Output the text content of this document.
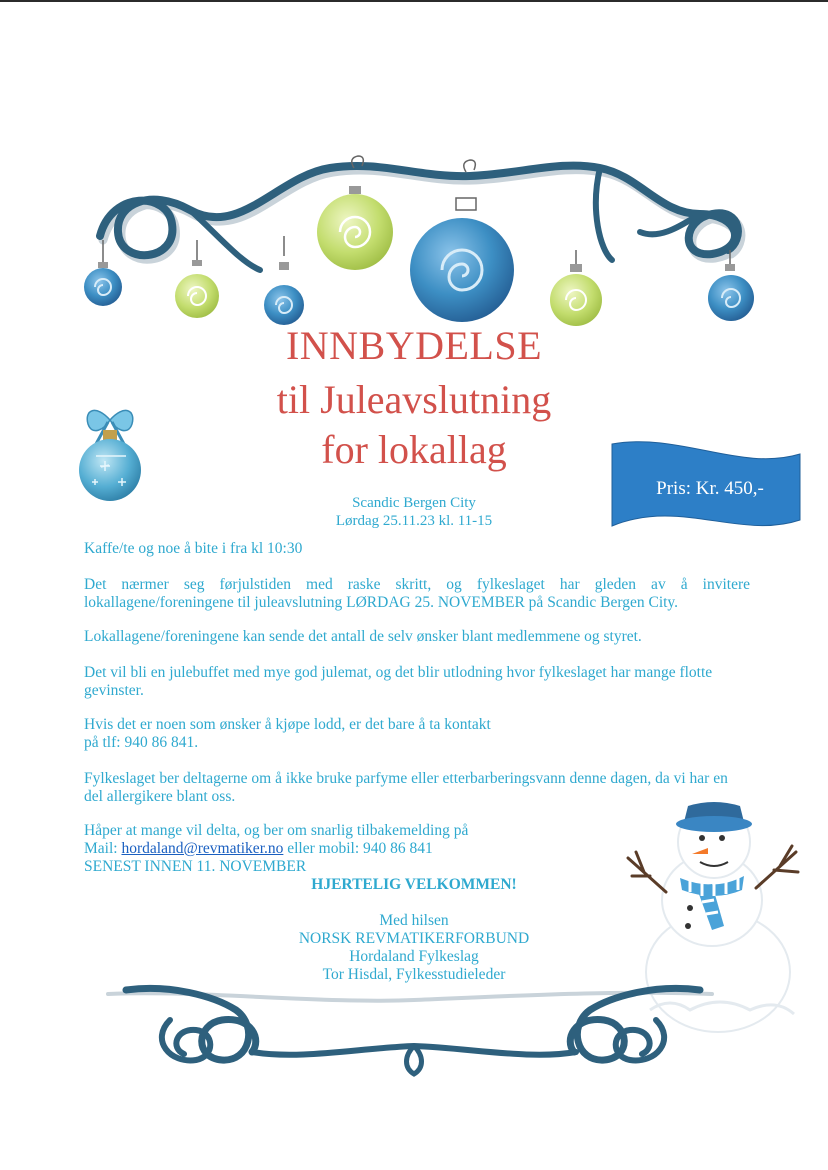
INNBYDELSE
til Juleavslutning
for lokallag
Scandic Bergen City
Lørdag 25.11.23 kl. 11-15
Pris: Kr. 450,-

Kaffe/te og noe å bite i fra kl 10:30

Det nærmer seg førjulstiden med raske skritt, og fylkeslaget har gleden av å invitere lokallagene/foreningene til juleavslutning LØRDAG 25. NOVEMBER på Scandic Bergen City.

Lokallagene/foreningene kan sende det antall de selv ønsker blant medlemmene og styret.

Det vil bli en julebuffet med mye god julemat, og det blir utlodning hvor fylkeslaget har mange flotte gevinster.

Hvis det er noen som ønsker å kjøpe lodd, er det bare å ta kontakt
på tlf: 940 86 841.

Fylkeslaget ber deltagerne om å ikke bruke parfyme eller etterbarberingsvann denne dagen, da vi har en del allergikere blant oss.

Håper at mange vil delta, og ber om snarlig tilbakemelding på
Mail: hordaland@revmatiker.no eller mobil: 940 86 841
SENEST INNEN 11. NOVEMBER
HJERTELIG VELKOMMEN!
Med hilsen
NORSK REVMATIKERFORBUND
Hordaland Fylkeslag
Tor Hisdal, Fylkesstudieleder
